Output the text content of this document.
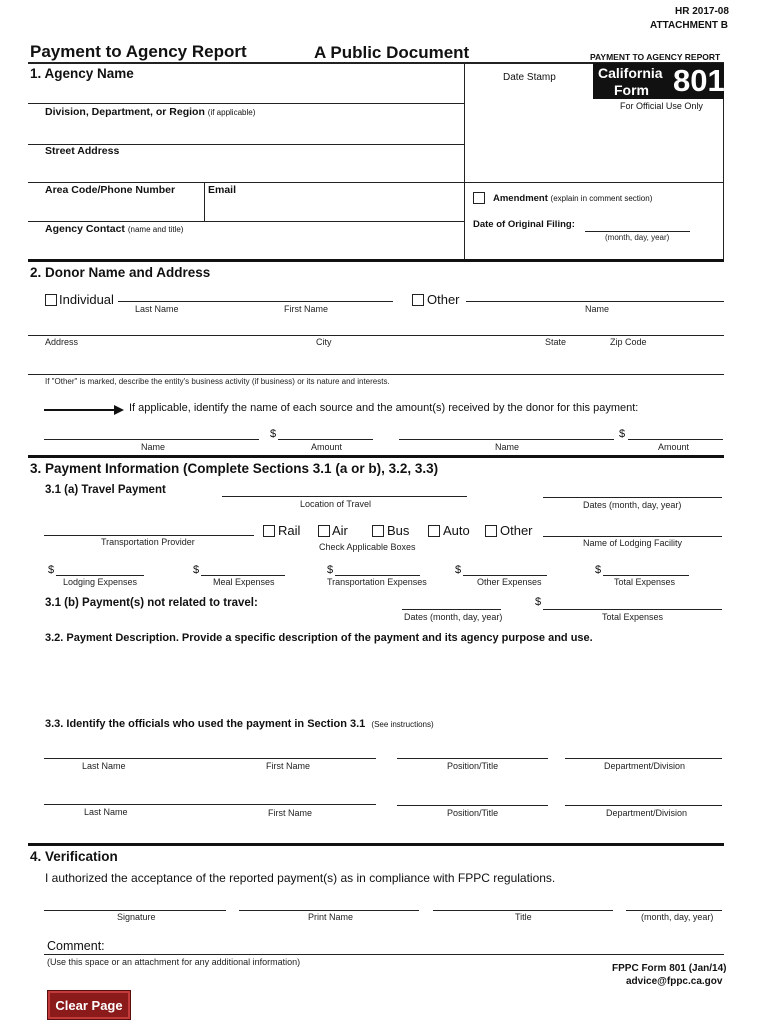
HR 2017-08
ATTACHMENT B
Payment to Agency Report	A Public Document	PAYMENT TO AGENCY REPORT
California
Form 801
For Official Use Only
Date Stamp
1. Agency Name
Division, Department, or Region (if applicable)
Street Address
Area Code/Phone Number	Email
Agency Contact (name and title)
Amendment (explain in comment section)
Date of Original Filing:
(month, day, year)
2. Donor Name and Address
Individual
Last Name	First Name
Other
Name
Address	City	State	Zip Code
If "Other" is marked, describe the entity's business activity (if business) or its nature and interests.
If applicable, identify the name of each source and the amount(s) received by the donor for this payment:
$
Name	Amount
$
Name	Amount
3. Payment Information (Complete Sections 3.1 (a or b), 3.2, 3.3)
3.1 (a) Travel Payment
Location of Travel	Dates (month, day, year)
Transportation Provider
Rail Air	Bus	Auto Other
Check Applicable Boxes	Name of Lodging Facility
$
Lodging Expenses
$
Meal Expenses
$
Transportation Expenses
$
Other Expenses
$
Total Expenses
3.1 (b) Payment(s) not related to travel:
Dates (month, day, year)
$
Total Expenses
3.2. Payment Description. Provide a specific description of the payment and its agency purpose and use.
3.3. Identify the officials who used the payment in Section 3.1 (See instructions)
Last Name	First Name	Position/Title	Department/Division
Last Name	First Name	Position/Title	Department/Division
4. Verification
I authorized the acceptance of the reported payment(s) as in compliance with FPPC regulations.
Signature	Print Name	Title	(month, day, year)
Comment:
(Use this space or an attachment for any additional information)
FPPC Form 801 (Jan/14)
advice@fppc.ca.gov
Clear Page
